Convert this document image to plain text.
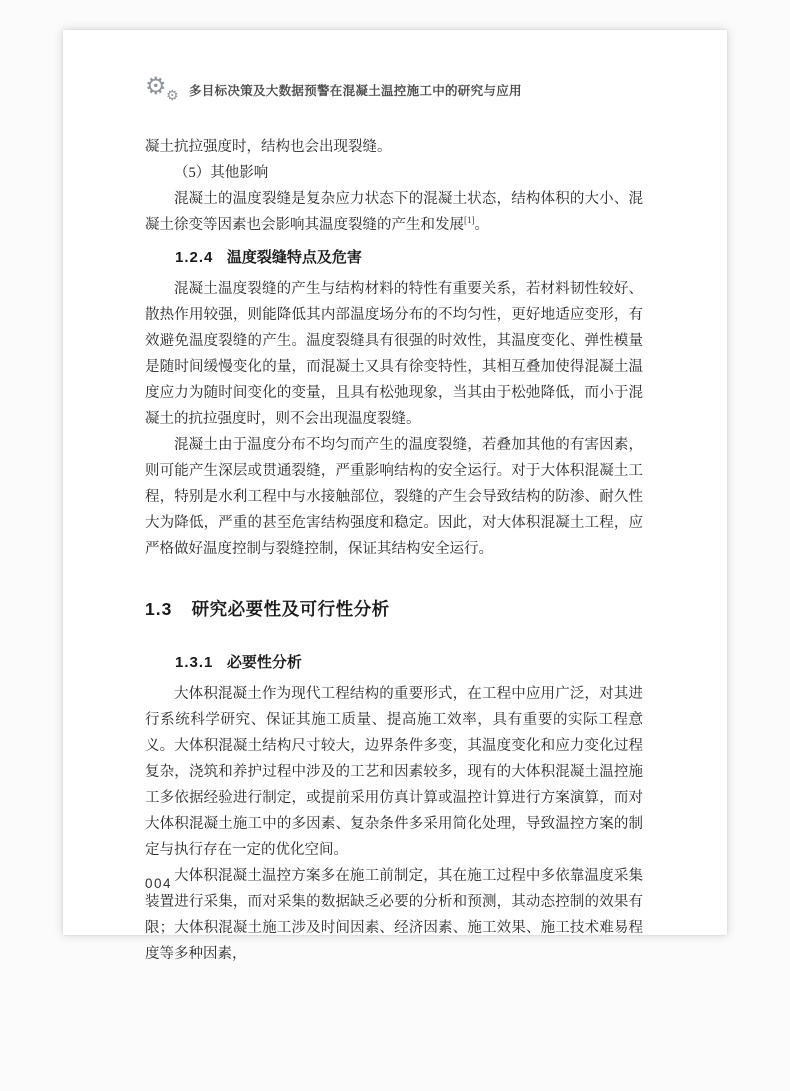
⚙ ⚙ 多目标决策及大数据预警在混凝土温控施工中的研究与应用

凝土抗拉强度时，结构也会出现裂缝。

（5）其他影响

混凝土的温度裂缝是复杂应力状态下的混凝土状态，结构体积的大小、混凝土徐变等因素也会影响其温度裂缝的产生和发展[1]。

1.2.4 温度裂缝特点及危害

混凝土温度裂缝的产生与结构材料的特性有重要关系，若材料韧性较好、散热作用较强，则能降低其内部温度场分布的不均匀性，更好地适应变形，有效避免温度裂缝的产生。温度裂缝具有很强的时效性，其温度变化、弹性模量是随时间缓慢变化的量，而混凝土又具有徐变特性，其相互叠加使得混凝土温度应力为随时间变化的变量，且具有松弛现象，当其由于松弛降低，而小于混凝土的抗拉强度时，则不会出现温度裂缝。

混凝土由于温度分布不均匀而产生的温度裂缝，若叠加其他的有害因素，则可能产生深层或贯通裂缝，严重影响结构的安全运行。对于大体积混凝土工程，特别是水利工程中与水接触部位，裂缝的产生会导致结构的防渗、耐久性大为降低，严重的甚至危害结构强度和稳定。因此，对大体积混凝土工程，应严格做好温度控制与裂缝控制，保证其结构安全运行。

1.3 研究必要性及可行性分析
1.3.1 必要性分析

大体积混凝土作为现代工程结构的重要形式，在工程中应用广泛，对其进行系统科学研究、保证其施工质量、提高施工效率，具有重要的实际工程意义。大体积混凝土结构尺寸较大，边界条件多变，其温度变化和应力变化过程复杂，浇筑和养护过程中涉及的工艺和因素较多，现有的大体积混凝土温控施工多依据经验进行制定，或提前采用仿真计算或温控计算进行方案演算，而对大体积混凝土施工中的多因素、复杂条件多采用简化处理，导致温控方案的制定与执行存在一定的优化空间。

大体积混凝土温控方案多在施工前制定，其在施工过程中多依靠温度采集装置进行采集，而对采集的数据缺乏必要的分析和预测，其动态控制的效果有限；大体积混凝土施工涉及时间因素、经济因素、施工效果、施工技术难易程度等多种因素，

004
